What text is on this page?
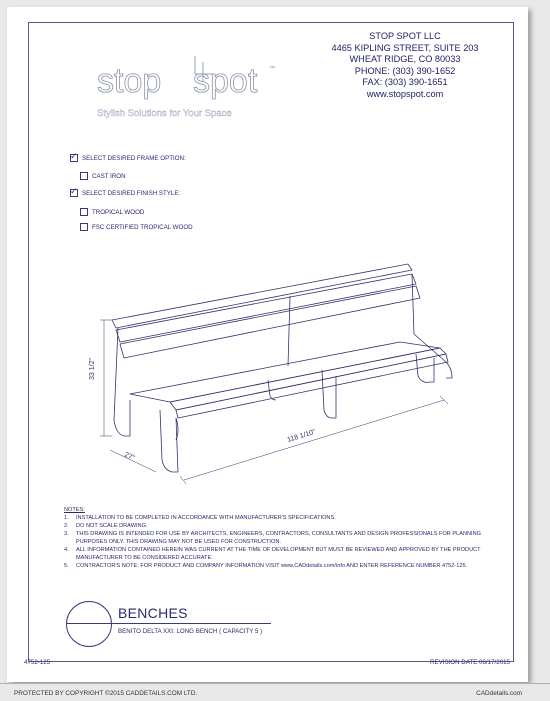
stop spot ™
Stylish Solutions for Your Space
STOP SPOT LLC
4465 KIPLING STREET, SUITE 203
WHEAT RIDGE, CO 80033
PHONE: (303) 390-1652
FAX: (303) 390-1651
www.stopspot.com
✓
SELECT DESIRED FRAME OPTION:
CAST IRON
✓
SELECT DESIRED FINISH STYLE:
TROPICAL WOOD
FSC CERTIFIED TROPICAL WOOD
33 1/2"
27"
118 1/10"
NOTES:
1.	INSTALLATION TO BE COMPLETED IN ACCORDANCE WITH MANUFACTURER'S SPECIFICATIONS.
2.	DO NOT SCALE DRAWING.
3.	THIS DRAWING IS INTENDED FOR USE BY ARCHITECTS, ENGINEERS, CONTRACTORS, CONSULTANTS AND DESIGN PROFESSIONALS FOR PLANNING PURPOSES ONLY. THIS DRAWING MAY NOT BE USED FOR CONSTRUCTION.
4.	ALL INFORMATION CONTAINED HEREIN WAS CURRENT AT THE TIME OF DEVELOPMENT BUT MUST BE REVIEWED AND APPROVED BY THE PRODUCT MANUFACTURER TO BE CONSIDERED ACCURATE.
5.	CONTRACTOR'S NOTE: FOR PRODUCT AND COMPANY INFORMATION VISIT www.CADdetails.com/info AND ENTER REFERENCE NUMBER 4752-125.
BENCHES
BENITO DELTA XXI: LONG BENCH ( CAPACITY 5 )
4752-125	REVISION DATE 06/17/2015
PROTECTED BY COPYRIGHT ©2015 CADDETAILS.COM LTD.	CADdetails.com
